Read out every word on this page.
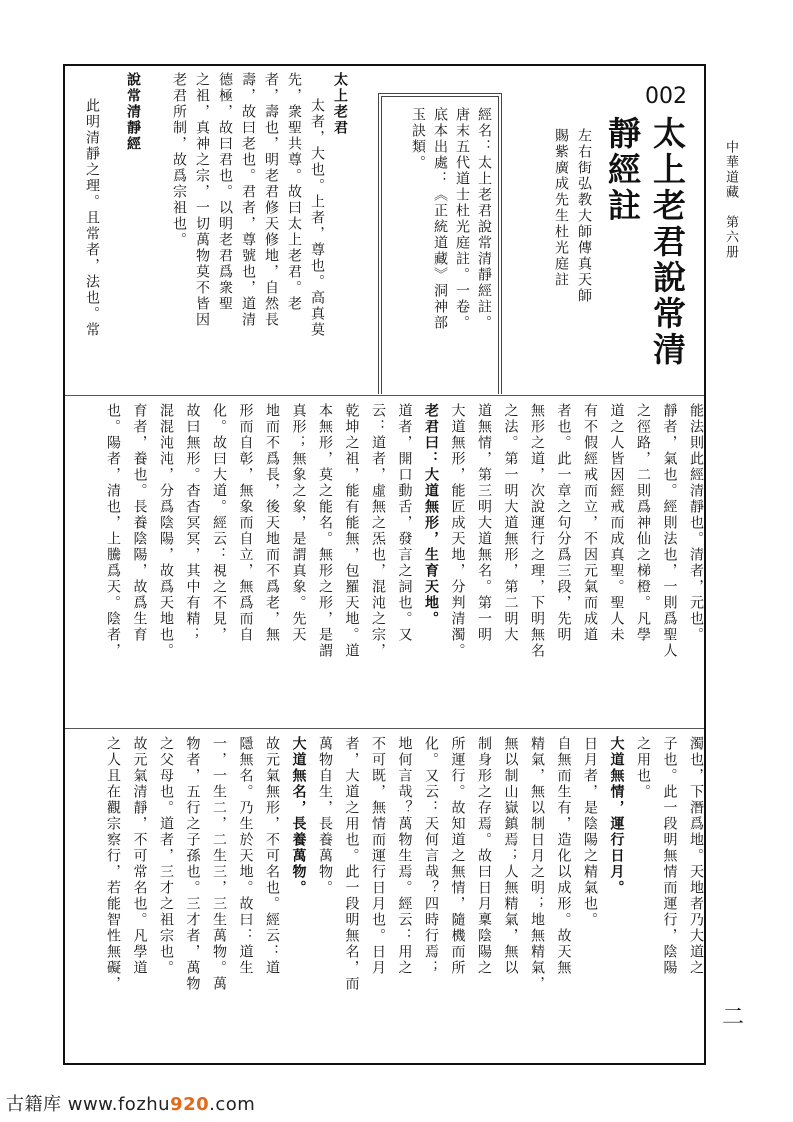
002
太上老君說常清
靜經註
左右街弘教大師傳真天師
賜紫廣成先生杜光庭註
經名：太上老君說常清靜經註。
唐末五代道士杜光庭註。一卷。
底本出處：《正統道藏》洞神部
玉訣類。
太上老君
太者，大也。上者，尊也。高真莫
先，衆聖共尊。故曰太上老君。老
者，壽也，明老君修天修地，自然長
壽，故曰老也。君者，尊號也，道清
德極，故曰君也。以明老君爲衆聖
之祖，真神之宗，一切萬物莫不皆因
老君所制，故爲宗祖也。
說常清靜經
此明清靜之理。且常者，法也。常
能法則此經清靜也。清者，元也。
靜者，氣也。經則法也，一則爲聖人
之徑路，二則爲神仙之梯橙。凡學
道之人皆因經戒而成真聖。聖人未
有不假經戒而立，不因元氣而成道
者也。此一章之句分爲三段，先明
無形之道，次說運行之理，下明無名
之法。第一明大道無形，第二明大
道無情，第三明大道無名。第一明
大道無形，能匠成天地，分判清濁。
老君曰：大道無形，生育天地。
道者，開口動舌，發言之詞也。又
云：道者，虛無之炁也，混沌之宗，
乾坤之祖，能有能無，包羅天地。道
本無形，莫之能名。無形之形，是謂
真形；無象之象，是謂真象。先天
地而不爲長，後天地而不爲老，無
形而自彰，無象而自立，無爲而自
化。故曰大道。經云：視之不見，
故曰無形。杳杳冥冥，其中有精；
混混沌沌，分爲陰陽，故爲天地也。
育者，養也。長養陰陽，故爲生育
也。陽者，清也，上騰爲天。陰者，
濁也，下潛爲地。天地者乃大道之
子也。此一段明無情而運行，陰陽
之用也。
大道無情，運行日月。
日月者，是陰陽之精氣也。
自無而生有，造化以成形。故天無
精氣，無以制日月之明；地無精氣，
無以制山嶽鎮焉；人無精氣，無以
制身形之存焉。故曰日月稟陰陽之
所運行。故知道之無情，隨機而所
化。又云：天何言哉？四時行焉；
地何言哉？萬物生焉。經云：用之
不可既，無情而運行日月也。日月
者，大道之用也。此一段明無名，而
萬物自生，長養萬物。
大道無名，長養萬物。
故元氣無形，不可名也。經云：道
隱無名。乃生於天地。故曰：道生
一，一生二，二生三，三生萬物。萬
物者，五行之子孫也。三才者，萬物
之父母也。道者，三才之祖宗也。
故元氣清靜，不可常名也。凡學道
之人且在觀宗察行，若能智性無礙，
中華道藏　第六册
二
古籍库 www.fozhu920.com
